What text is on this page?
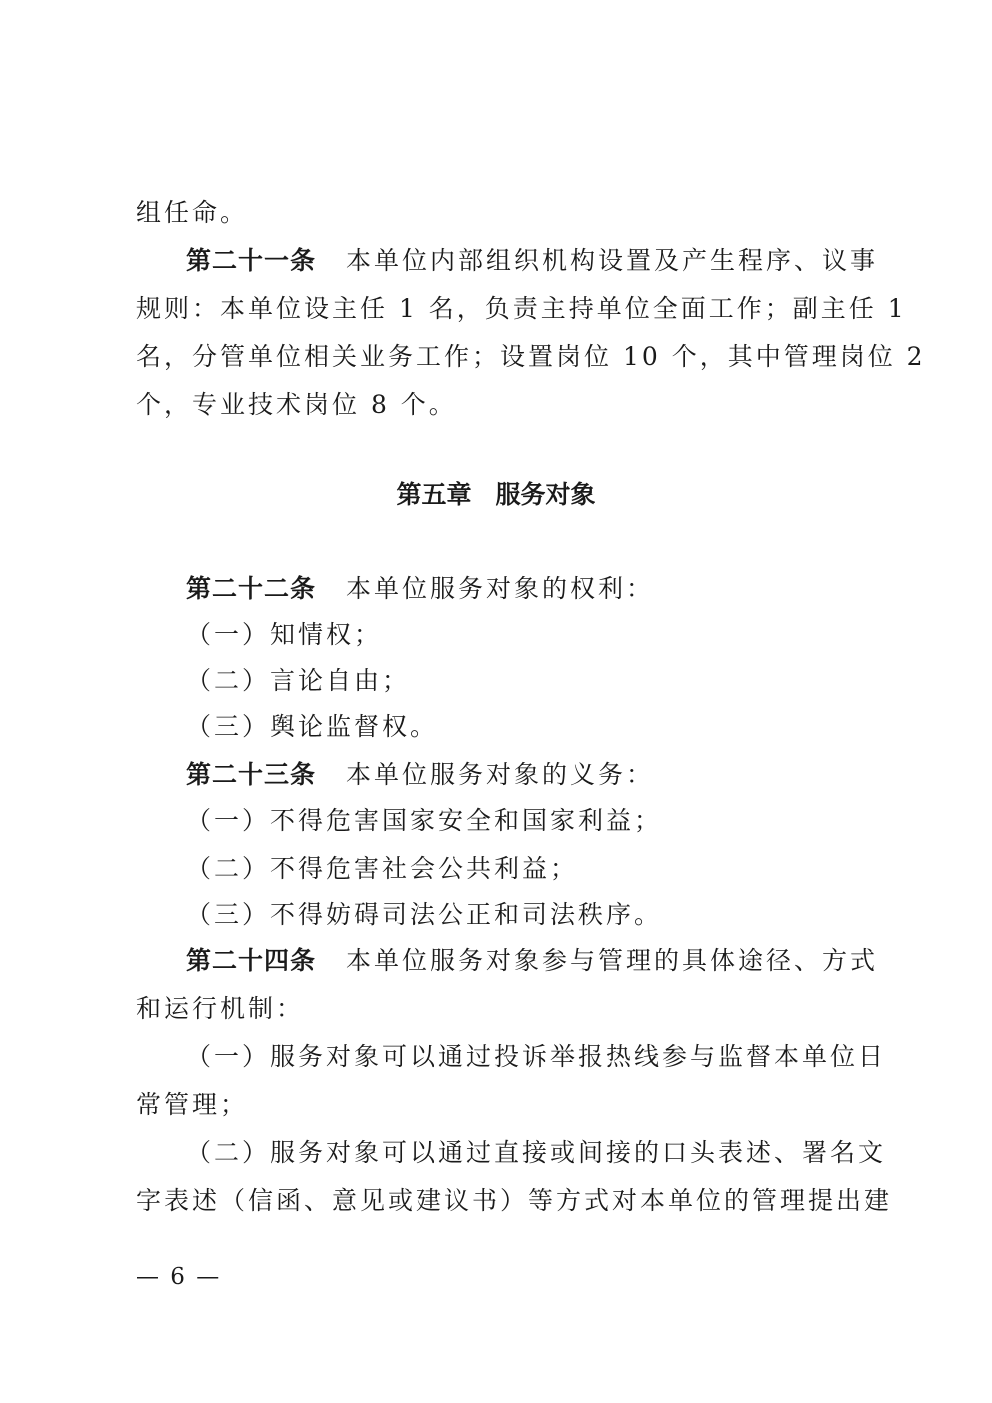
组任命。
第二十一条 本单位内部组织机构设置及产生程序、议事
规则：本单位设主任 1 名，负责主持单位全面工作；副主任 1
名，分管单位相关业务工作；设置岗位 10 个，其中管理岗位 2
个，专业技术岗位 8 个。
第五章 服务对象
第二十二条 本单位服务对象的权利：
（一）知情权；
（二）言论自由；
（三）舆论监督权。
第二十三条 本单位服务对象的义务：
（一）不得危害国家安全和国家利益；
（二）不得危害社会公共利益；
（三）不得妨碍司法公正和司法秩序。
第二十四条 本单位服务对象参与管理的具体途径、方式
和运行机制：
（一）服务对象可以通过投诉举报热线参与监督本单位日
常管理；
（二）服务对象可以通过直接或间接的口头表述、署名文
字表述（信函、意见或建议书）等方式对本单位的管理提出建
— 6 —
